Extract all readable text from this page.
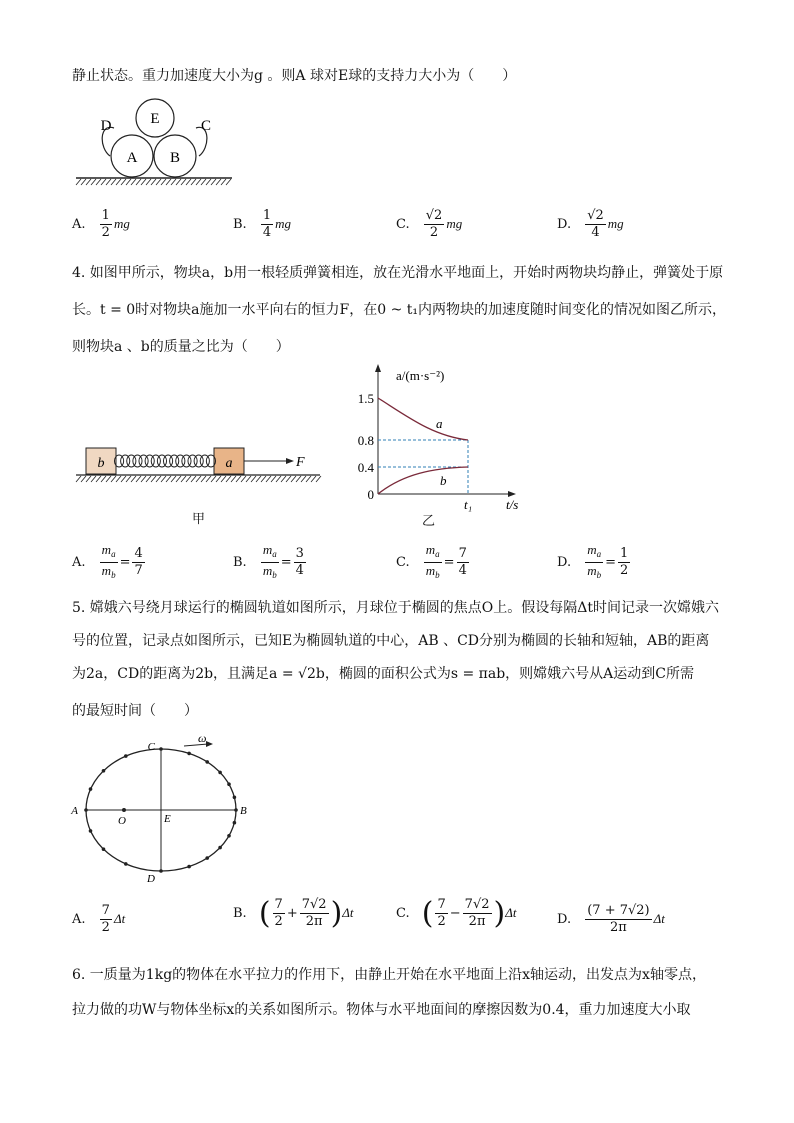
静止状态。重力加速度大小为g 。则A 球对E球的支持力大小为（　　）
E
A B
C
D
A. $\frac{1}{2}$ mg	B. $\frac{1}{4}$ mg	C. $\frac{√2}{2}$ mg	D. $\frac{√2}{4}$ mg
4. 如图甲所示，物块a，b用一根轻质弹簧相连，放在光滑水平地面上，开始时两物块均静止，弹簧处于原
长。t = 0时对物块a施加一水平向右的恒力F，在0 ~ t₁内两物块的加速度随时间变化的情况如图乙所示，
则物块a 、b的质量之比为（　　）
b	a	F
甲
a/(m·s⁻²)
t/s
1.5
0.8
0.4
0
a
b
t₁
乙
A. $\frac{m_a}{m_b} = \frac{4}{7}$	B. $\frac{m_a}{m_b} = \frac{3}{4}$	C. $\frac{m_a}{m_b} = \frac{7}{4}$	D. $\frac{m_a}{m_b} = \frac{1}{2}$
5. 嫦娥六号绕月球运行的椭圆轨道如图所示，月球位于椭圆的焦点O上。假设每隔Δt时间记录一次嫦娥六
号的位置，记录点如图所示，已知E为椭圆轨道的中心，AB 、CD分别为椭圆的长轴和短轴，AB的距离
为2a，CD的距离为2b，且满足a = √2b，椭圆的面积公式为s = πab，则嫦娥六号从A运动到C所需
的最短时间（　　）
ω
A	B
C
D
O	E
A. $\frac{7}{2}$ Δt	B. ( $\frac{7}{2} + \frac{7√2}{2\pi} )\Delta t$	C. ( $\frac{7}{2} - \frac{7√2}{2\pi} )\Delta t$	D. $\frac{(7 + 7√2)}{2\pi}$ Δt
6. 一质量为1kg的物体在水平拉力的作用下，由静止开始在水平地面上沿x轴运动，出发点为x轴零点，
拉力做的功W与物体坐标x的关系如图所示。物体与水平地面间的摩擦因数为0.4，重力加速度大小取
